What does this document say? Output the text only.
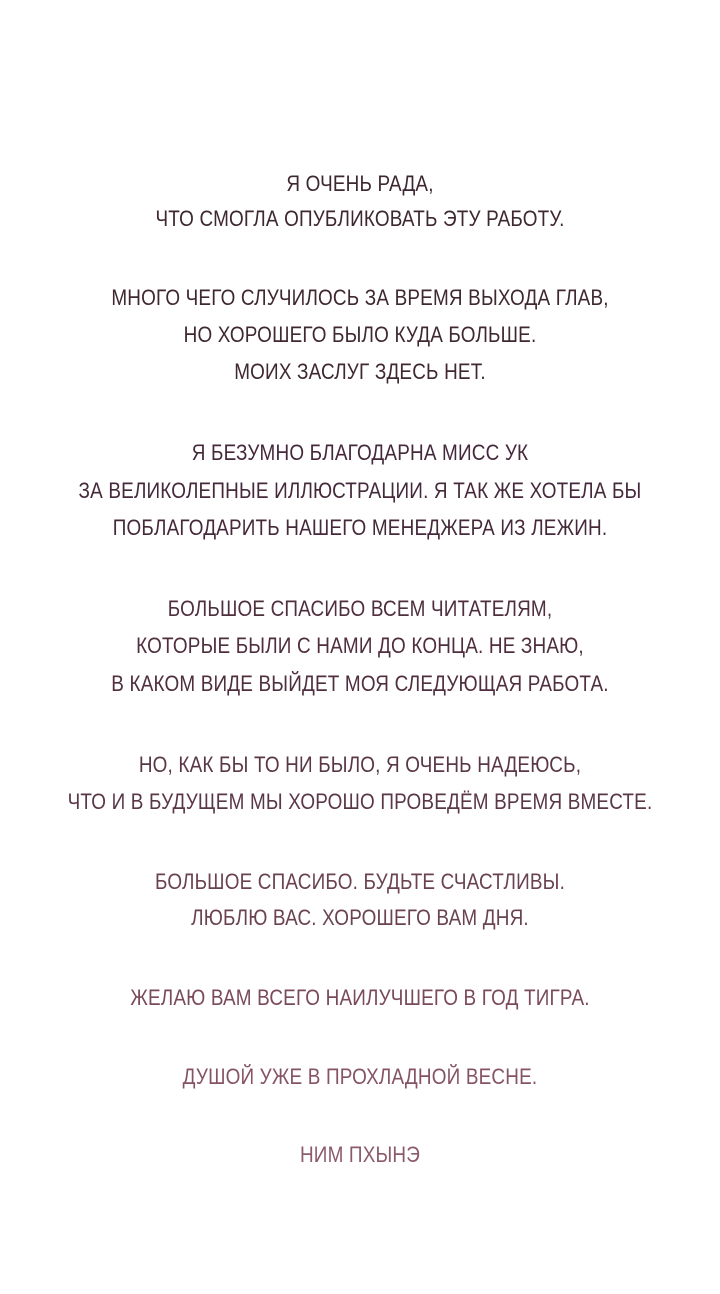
Я ОЧЕНЬ РАДА,
ЧТО СМОГЛА ОПУБЛИКОВАТЬ ЭТУ РАБОТУ.
МНОГО ЧЕГО СЛУЧИЛОСЬ ЗА ВРЕМЯ ВЫХОДА ГЛАВ,
НО ХОРОШЕГО БЫЛО КУДА БОЛЬШЕ.
МОИХ ЗАСЛУГ ЗДЕСЬ НЕТ.
Я БЕЗУМНО БЛАГОДАРНА МИСС УК
ЗА ВЕЛИКОЛЕПНЫЕ ИЛЛЮСТРАЦИИ. Я ТАК ЖЕ ХОТЕЛА БЫ
ПОБЛАГОДАРИТЬ НАШЕГО МЕНЕДЖЕРА ИЗ ЛЕЖИН.
БОЛЬШОЕ СПАСИБО ВСЕМ ЧИТАТЕЛЯМ,
КОТОРЫЕ БЫЛИ С НАМИ ДО КОНЦА. НЕ ЗНАЮ,
В КАКОМ ВИДЕ ВЫЙДЕТ МОЯ СЛЕДУЮЩАЯ РАБОТА.
НО, КАК БЫ ТО НИ БЫЛО, Я ОЧЕНЬ НАДЕЮСЬ,
ЧТО И В БУДУЩЕМ МЫ ХОРОШО ПРОВЕДЁМ ВРЕМЯ ВМЕСТЕ.
БОЛЬШОЕ СПАСИБО. БУДЬТЕ СЧАСТЛИВЫ.
ЛЮБЛЮ ВАС. ХОРОШЕГО ВАМ ДНЯ.
ЖЕЛАЮ ВАМ ВСЕГО НАИЛУЧШЕГО В ГОД ТИГРА.
ДУШОЙ УЖЕ В ПРОХЛАДНОЙ ВЕСНЕ.
НИМ ПХЫНЭ
